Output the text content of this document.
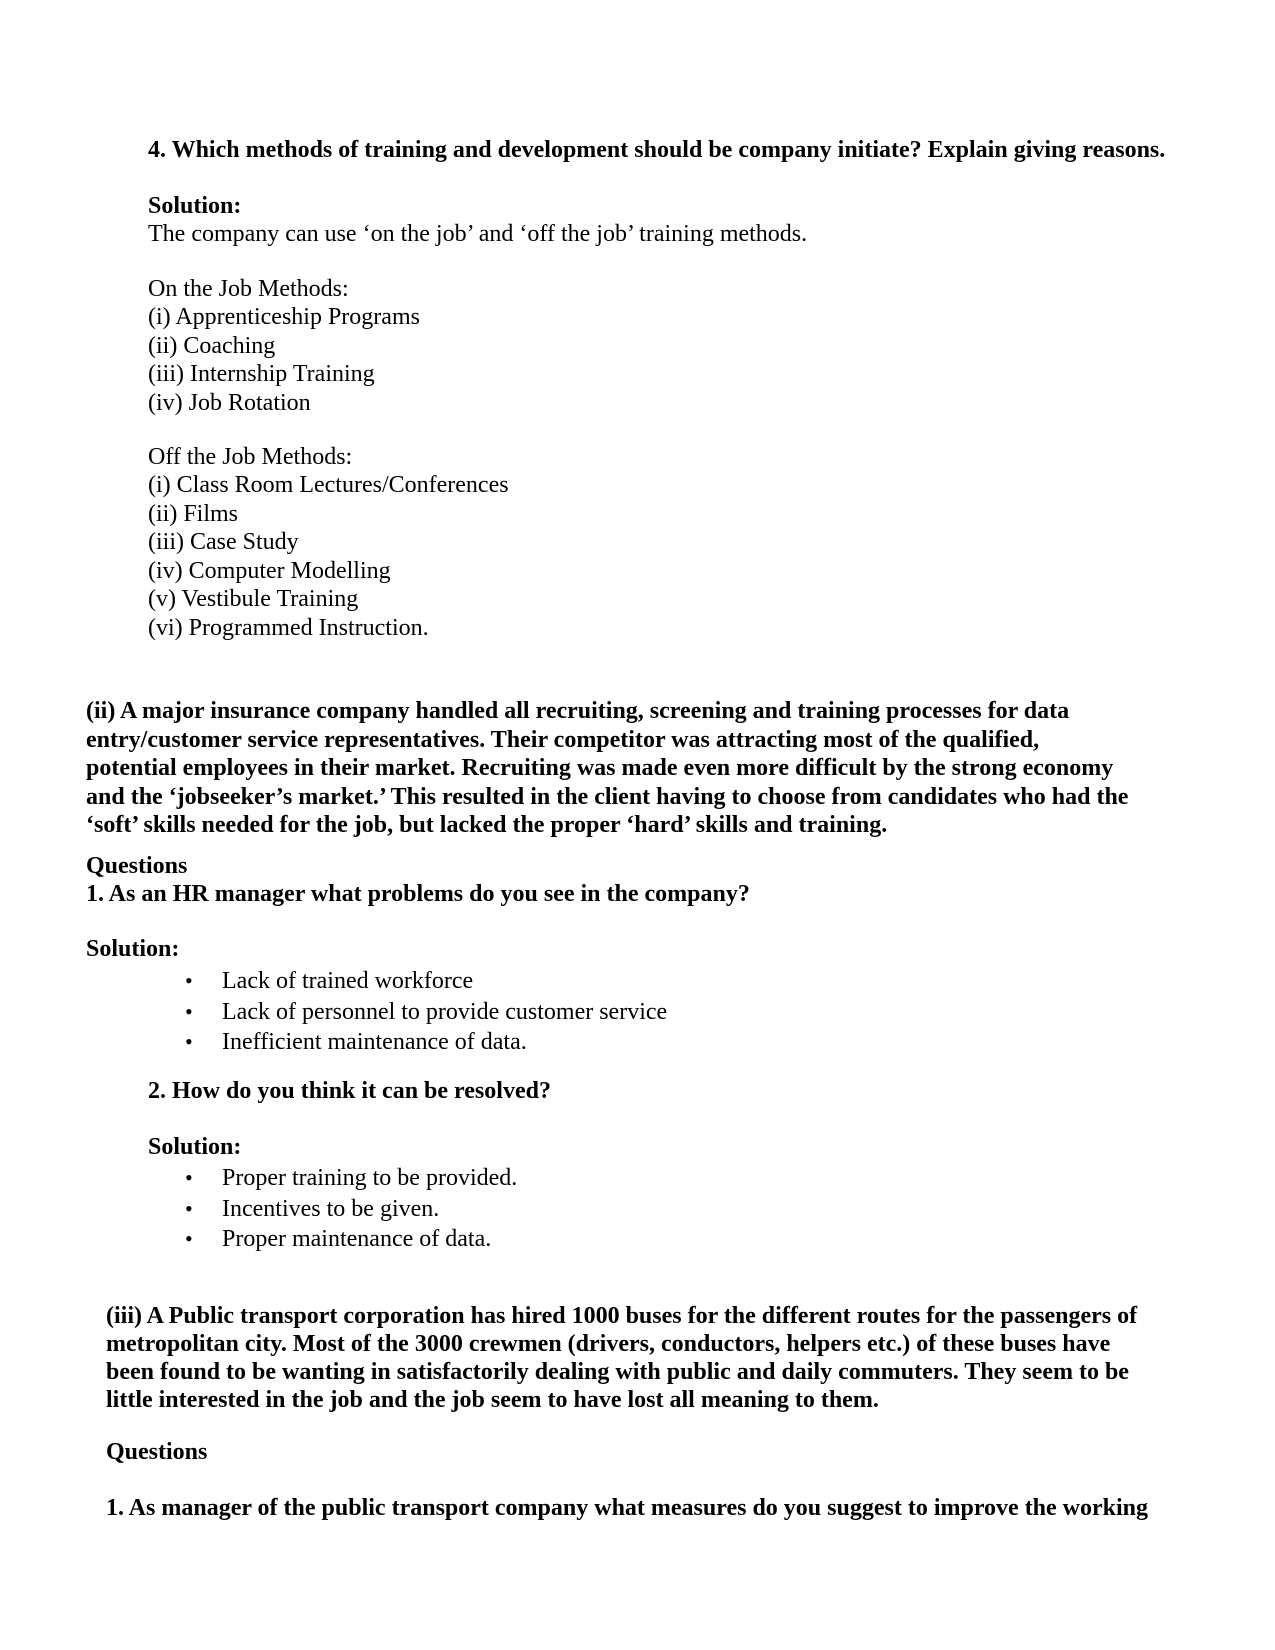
4. Which methods of training and development should be company initiate? Explain giving reasons.
Solution:
The company can use ‘on the job’ and ‘off the job’ training methods.
On the Job Methods:
(i) Apprenticeship Programs
(ii) Coaching
(iii) Internship Training
(iv) Job Rotation
Off the Job Methods:
(i) Class Room Lectures/Conferences
(ii) Films
(iii) Case Study
(iv) Computer Modelling
(v) Vestibule Training
(vi) Programmed Instruction.
(ii) A major insurance company handled all recruiting, screening and training processes for data
entry/customer service representatives. Their competitor was attracting most of the qualified,
potential employees in their market. Recruiting was made even more difficult by the strong economy
and the ‘jobseeker’s market.’ This resulted in the client having to choose from candidates who had the
‘soft’ skills needed for the job, but lacked the proper ‘hard’ skills and training.
Questions
1. As an HR manager what problems do you see in the company?
Solution:
• Lack of trained workforce
• Lack of personnel to provide customer service
• Inefficient maintenance of data.
2. How do you think it can be resolved?
Solution:
• Proper training to be provided.
• Incentives to be given.
• Proper maintenance of data.
(iii) A Public transport corporation has hired 1000 buses for the different routes for the passengers of
metropolitan city. Most of the 3000 crewmen (drivers, conductors, helpers etc.) of these buses have
been found to be wanting in satisfactorily dealing with public and daily commuters. They seem to be
little interested in the job and the job seem to have lost all meaning to them.
Questions
1. As manager of the public transport company what measures do you suggest to improve the working
